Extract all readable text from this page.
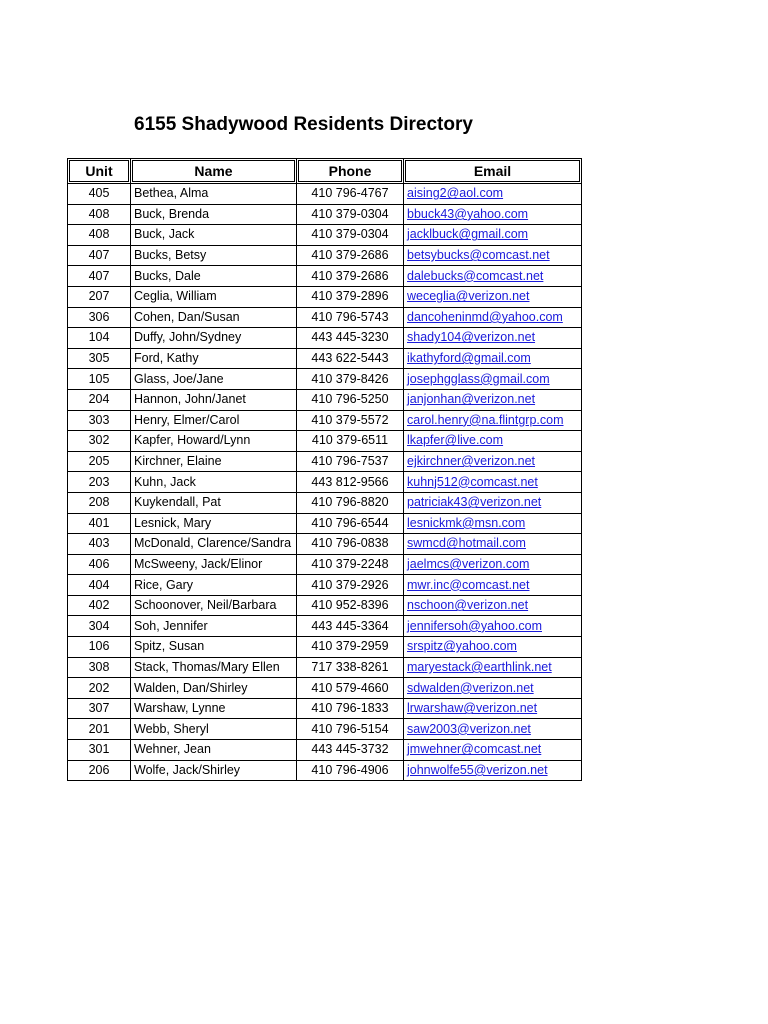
6155 Shadywood Residents Directory
Unit	Name	Phone	Email
405	Bethea, Alma	410 796-4767	aising2@aol.com
408	Buck, Brenda	410 379-0304	bbuck43@yahoo.com
408	Buck, Jack	410 379-0304	jacklbuck@gmail.com
407	Bucks, Betsy	410 379-2686	betsybucks@comcast.net
407	Bucks, Dale	410 379-2686	dalebucks@comcast.net
207	Ceglia, William	410 379-2896	weceglia@verizon.net
306	Cohen, Dan/Susan	410 796-5743	dancoheninmd@yahoo.com
104	Duffy, John/Sydney	443 445-3230	shady104@verizon.net
305	Ford, Kathy	443 622-5443	ikathyford@gmail.com
105	Glass, Joe/Jane	410 379-8426	josephgglass@gmail.com
204	Hannon, John/Janet	410 796-5250	janjonhan@verizon.net
303	Henry, Elmer/Carol	410 379-5572	carol.henry@na.flintgrp.com
302	Kapfer, Howard/Lynn	410 379-6511	lkapfer@live.com
205	Kirchner, Elaine	410 796-7537	ejkirchner@verizon.net
203	Kuhn, Jack	443 812-9566	kuhnj512@comcast.net
208	Kuykendall, Pat	410 796-8820	patriciak43@verizon.net
401	Lesnick, Mary	410 796-6544	lesnickmk@msn.com
403	McDonald, Clarence/Sandra	410 796-0838	swmcd@hotmail.com
406	McSweeny, Jack/Elinor	410 379-2248	jaelmcs@verizon.com
404	Rice, Gary	410 379-2926	mwr.inc@comcast.net
402	Schoonover, Neil/Barbara	410 952-8396	nschoon@verizon.net
304	Soh, Jennifer	443 445-3364	jennifersoh@yahoo.com
106	Spitz, Susan	410 379-2959	srspitz@yahoo.com
308	Stack, Thomas/Mary Ellen	717 338-8261	maryestack@earthlink.net
202	Walden, Dan/Shirley	410 579-4660	sdwalden@verizon.net
307	Warshaw, Lynne	410 796-1833	lrwarshaw@verizon.net
201	Webb, Sheryl	410 796-5154	saw2003@verizon.net
301	Wehner, Jean	443 445-3732	jmwehner@comcast.net
206	Wolfe, Jack/Shirley	410 796-4906	johnwolfe55@verizon.net
